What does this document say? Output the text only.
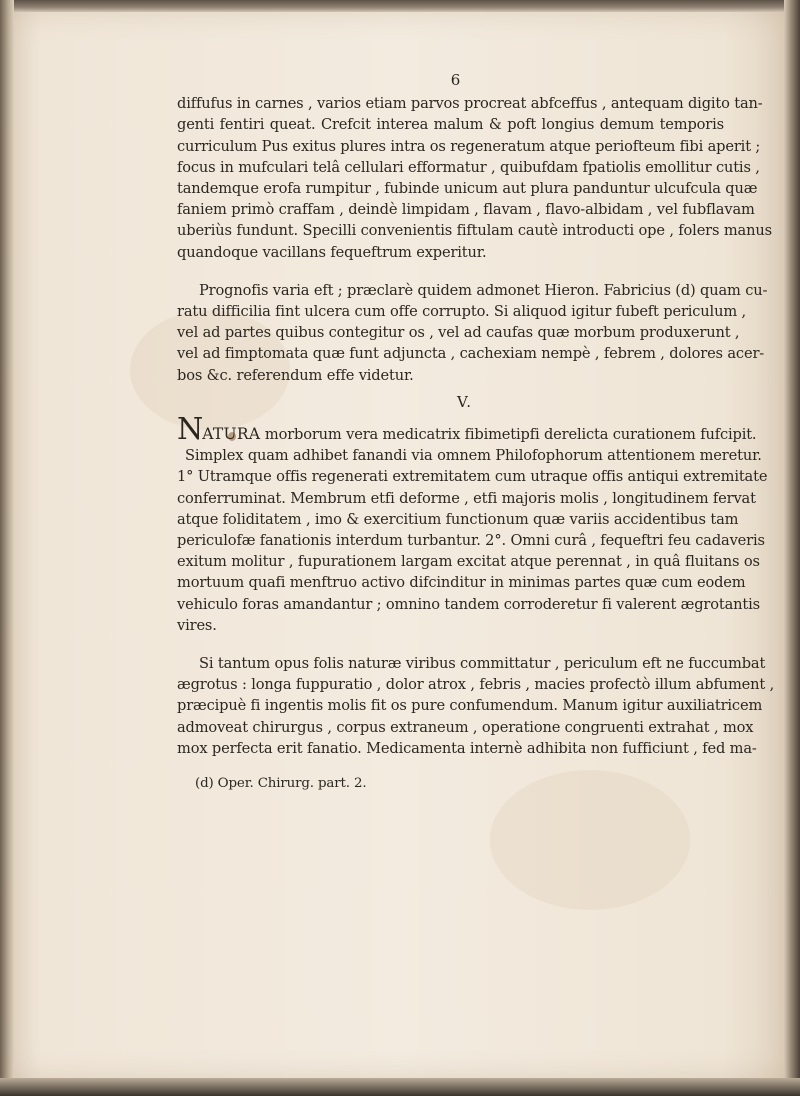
6

diffufus in carnes , varios etiam parvos procreat abfceffus , antequam digito tan-
genti fentiri queat. Crefcit interea malum & poft longius demum temporis
curriculum Pus exitus plures intra os regeneratum atque periofteum fibi aperit ;
focus in mufculari telâ cellulari efformatur , quibufdam fpatiolis emollitur cutis ,
tandemque erofa rumpitur , fubinde unicum aut plura panduntur ulcufcula quæ
faniem primò craffam , deindè limpidam , flavam , flavo-albidam , vel fubflavam
uberiùs fundunt. Specilli convenientis fiftulam cautè introducti ope , folers manus
quandoque vacillans fequeftrum experitur.

Prognofis varia eft ; præclarè quidem admonet Hieron. Fabricius (d) quam cu-
ratu difficilia fint ulcera cum offe corrupto. Si aliquod igitur fubeft periculum ,
vel ad partes quibus contegitur os , vel ad caufas quæ morbum produxerunt ,
vel ad fimptomata quæ funt adjuncta , cachexiam nempè , febrem , dolores acer-
bos &c. referendum effe videtur.

V.

NATURA morborum vera medicatrix fibimetipfi derelicta curationem fufcipit.
Simplex quam adhibet fanandi via omnem Philofophorum attentionem meretur.
1° Utramque offis regenerati extremitatem cum utraque offis antiqui extremitate
conferruminat. Membrum etfi deforme , etfi majoris molis , longitudinem fervat
atque foliditatem , imo & exercitium functionum quæ variis accidentibus tam
periculofæ fanationis interdum turbantur. 2°. Omni curâ , fequeftri feu cadaveris
exitum molitur , fupurationem largam excitat atque perennat , in quâ fluitans os
mortuum quafi menftruo activo difcinditur in minimas partes quæ cum eodem
vehiculo foras amandantur ; omnino tandem corroderetur fi valerent ægrotantis
vires.

Si tantum opus folis naturæ viribus committatur , periculum eft ne fuccumbat
ægrotus : longa fuppuratio , dolor atrox , febris , macies profectò illum abfument ,
præcipuè fi ingentis molis fit os pure confumendum. Manum igitur auxiliatricem
admoveat chirurgus , corpus extraneum , operatione congruenti extrahat , mox
mox perfecta erit fanatio. Medicamenta internè adhibita non fufficiunt , fed ma-

(d) Oper. Chirurg. part. 2.
